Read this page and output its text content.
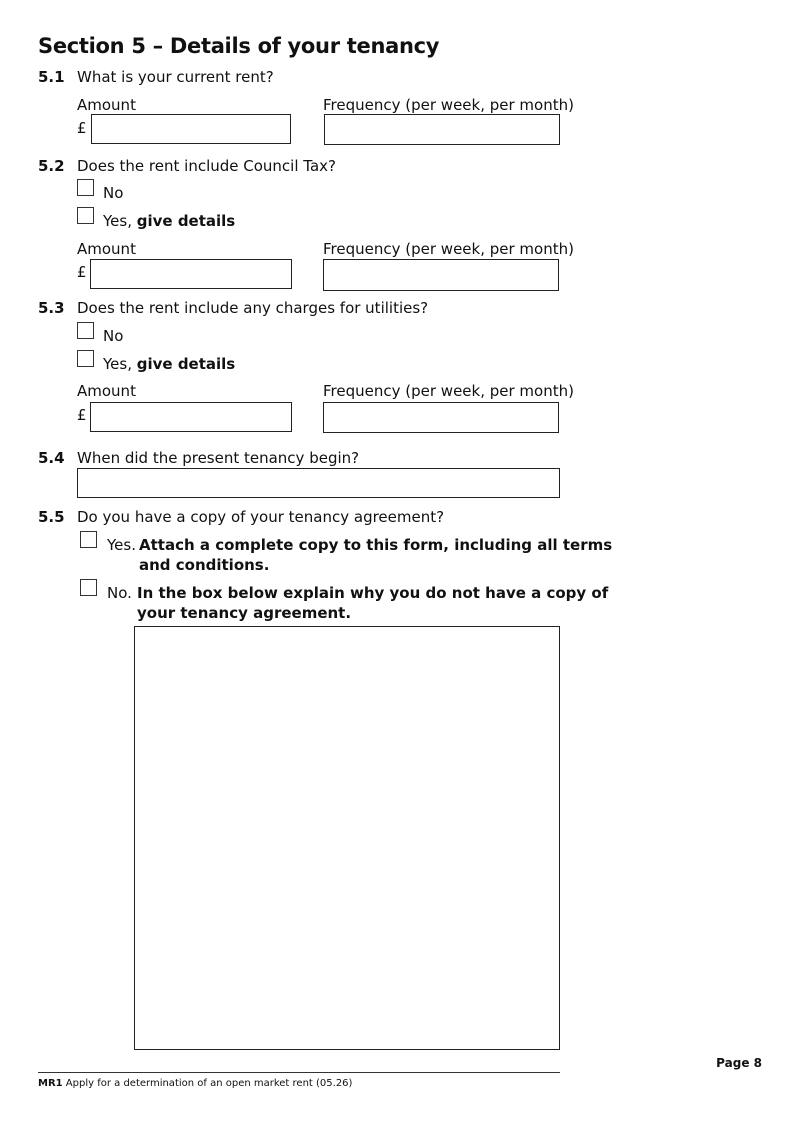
Section 5 – Details of your tenancy
5.1 What is your current rent?
Amount	Frequency (per week, per month)
£
5.2 Does the rent include Council Tax?
No
Yes, give details
Amount	Frequency (per week, per month)
£
5.3 Does the rent include any charges for utilities?
No
Yes, give details
Amount	Frequency (per week, per month)
£
5.4 When did the present tenancy begin?
5.5 Do you have a copy of your tenancy agreement?
Yes. Attach a complete copy to this form, including all terms
and conditions.
No. In the box below explain why you do not have a copy of
your tenancy agreement.
Page 8
MR1 Apply for a determination of an open market rent (05.26)
